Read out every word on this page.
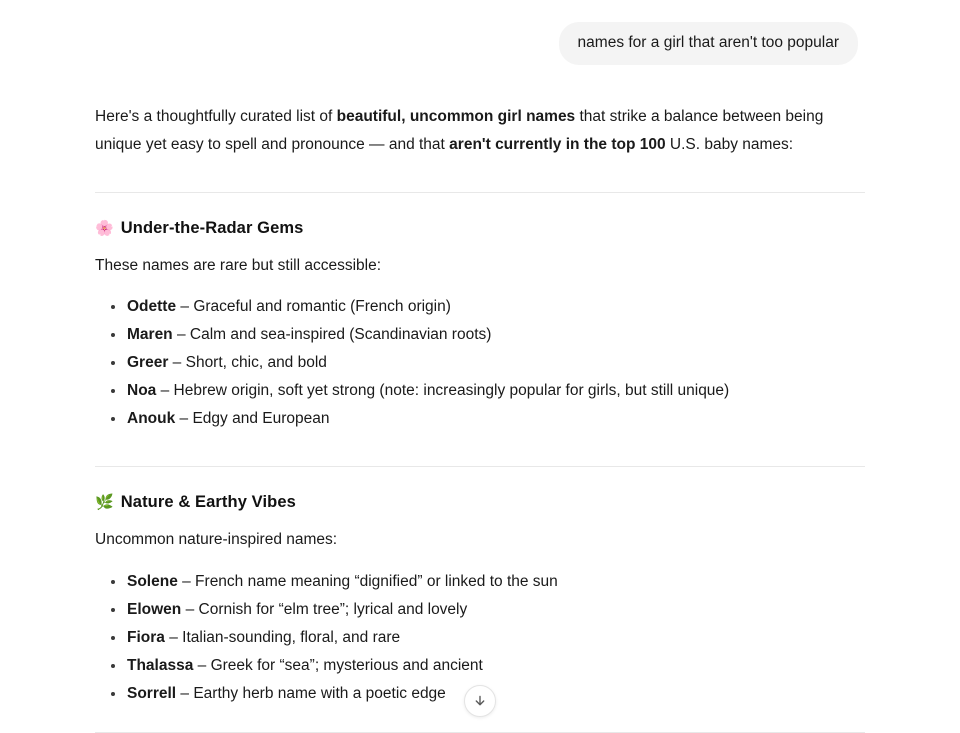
names for a girl that aren't too popular

Here's a thoughtfully curated list of beautiful, uncommon girl names that strike a balance between being unique yet easy to spell and pronounce — and that aren't currently in the top 100 U.S. baby names:

🌸 Under-the-Radar Gems

These names are rare but still accessible:

Odette – Graceful and romantic (French origin)
Maren – Calm and sea-inspired (Scandinavian roots)
Greer – Short, chic, and bold
Noa – Hebrew origin, soft yet strong (note: increasingly popular for girls, but still unique)
Anouk – Edgy and European
🌿 Nature & Earthy Vibes

Uncommon nature-inspired names:

Solene – French name meaning “dignified” or linked to the sun
Elowen – Cornish for “elm tree”; lyrical and lovely
Fiora – Italian-sounding, floral, and rare
Thalassa – Greek for “sea”; mysterious and ancient
Sorrell – Earthy herb name with a poetic edge
